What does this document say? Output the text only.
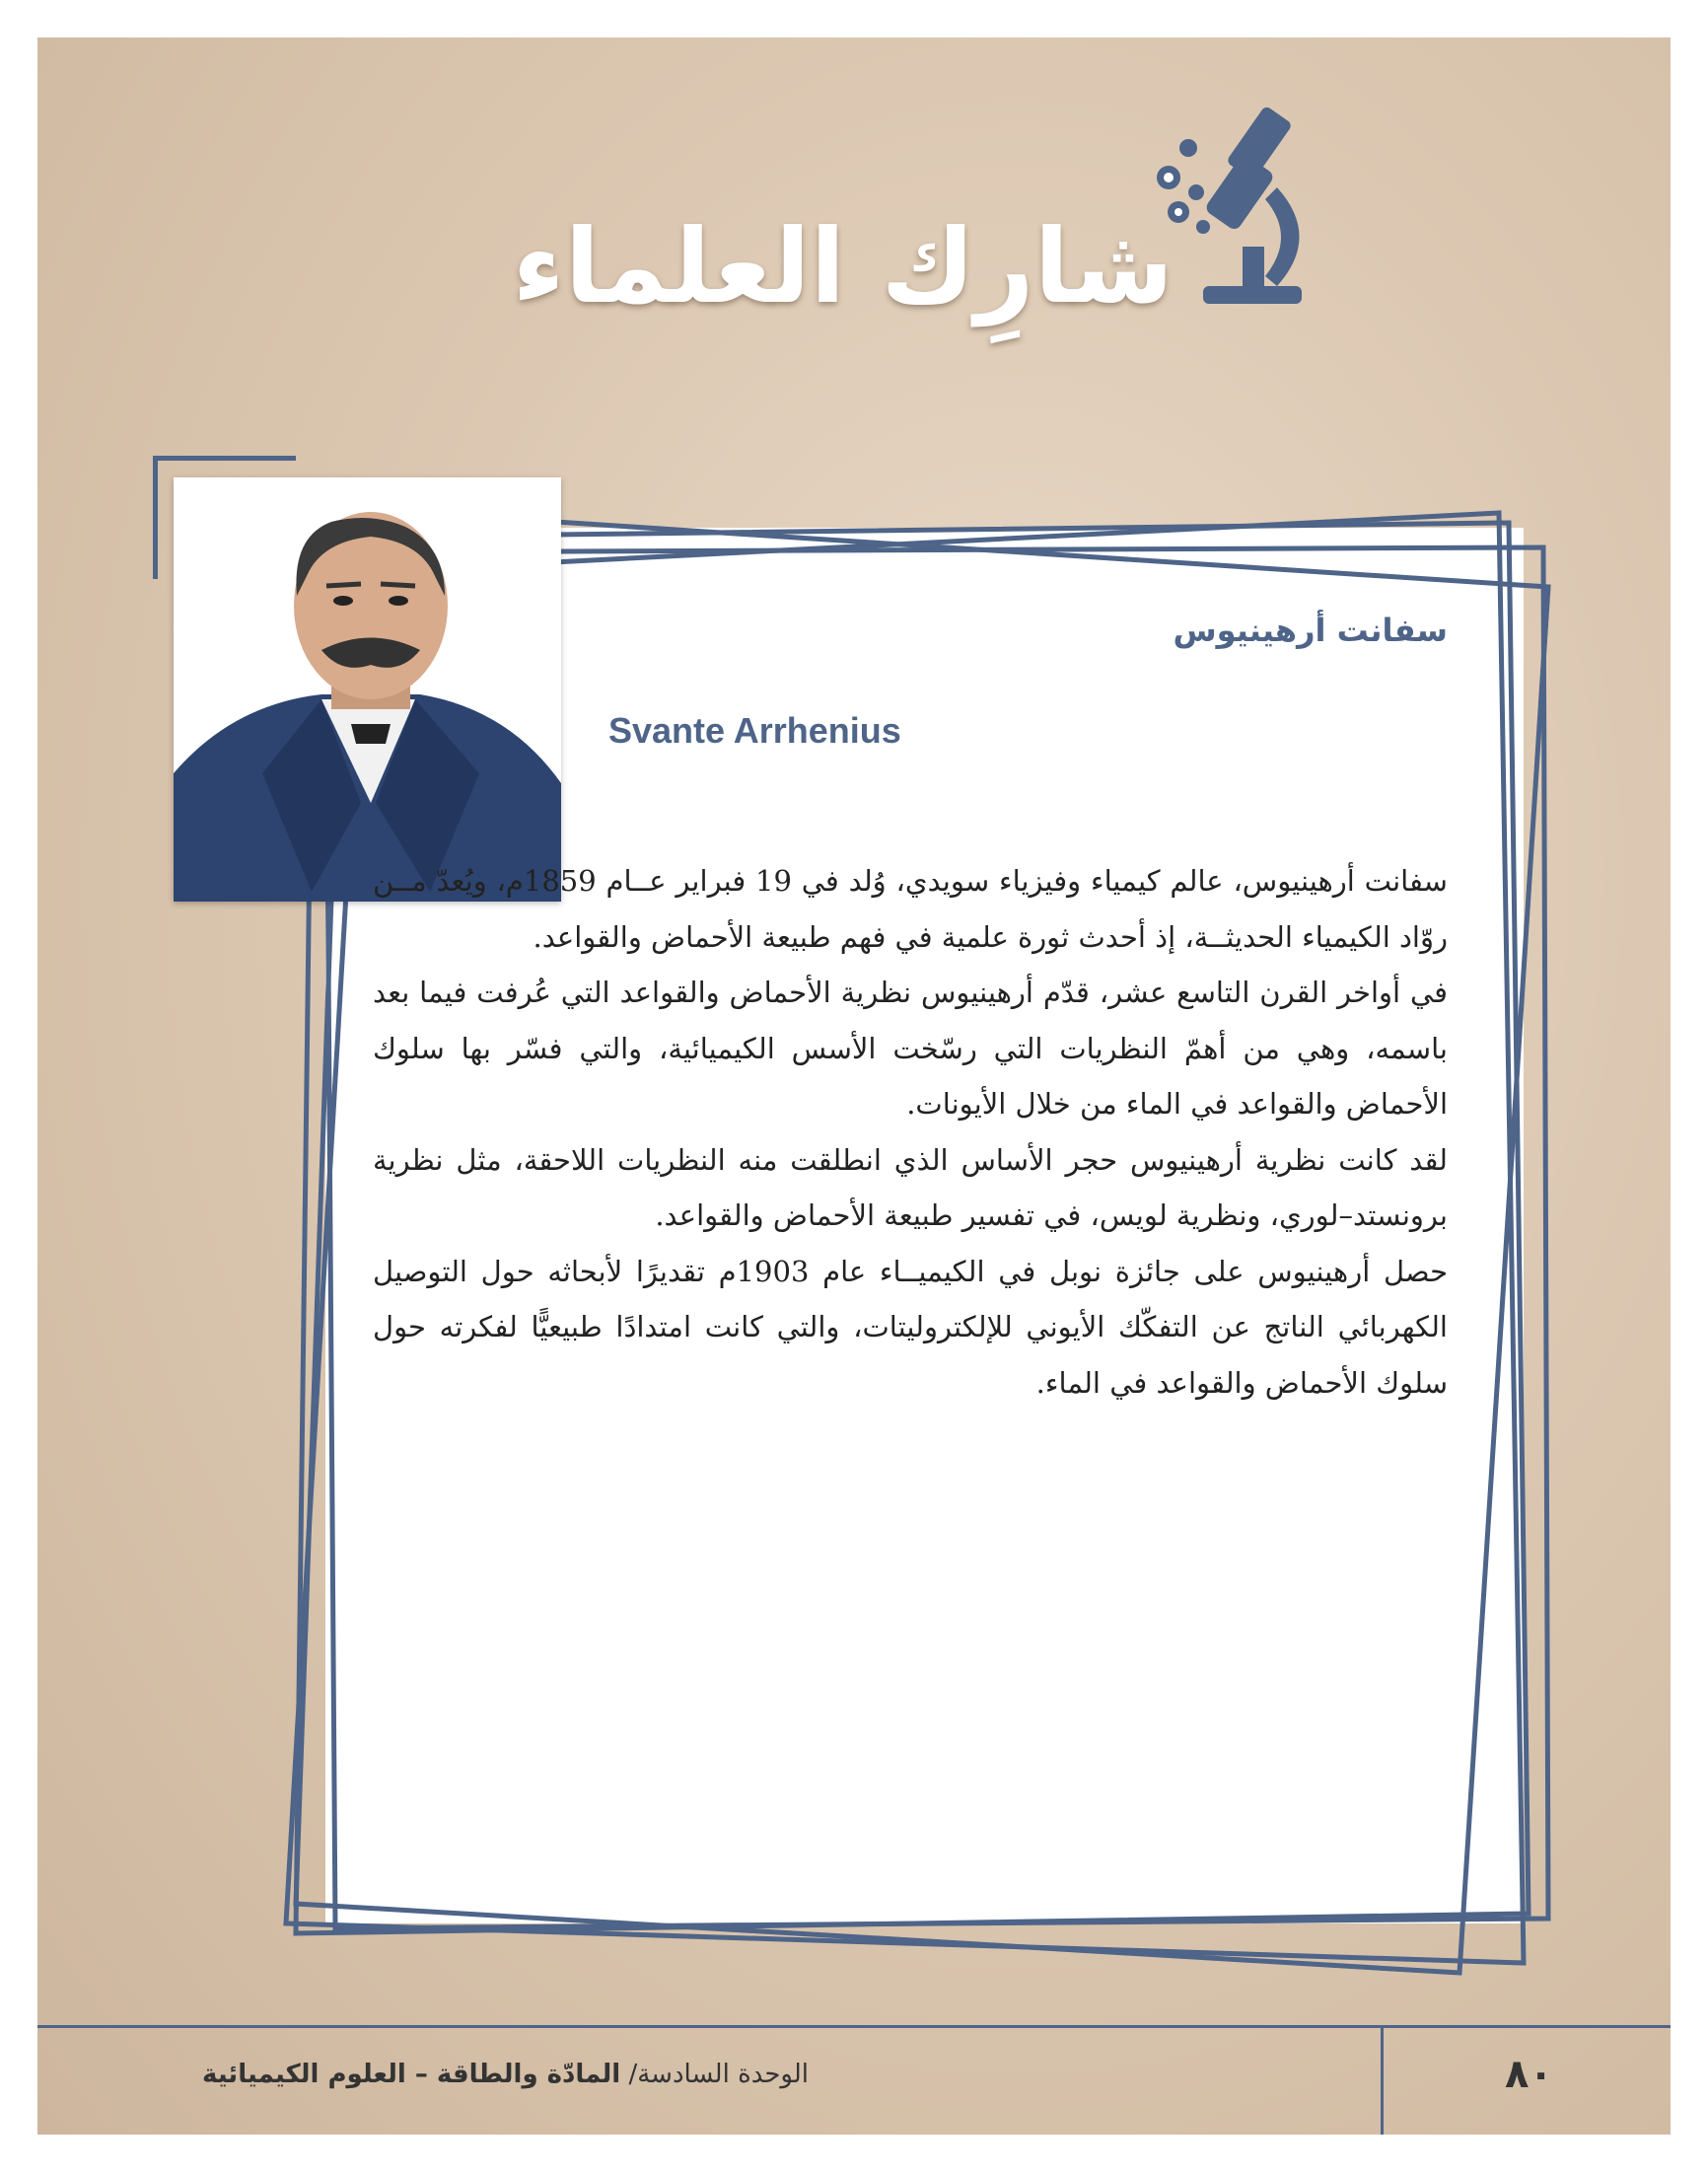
شارِك العلماء
سفانت أرهينيوس
Svante Arrhenius

سفانت أرهينيوس، عالم كيمياء وفيزياء سويدي، وُلد في 19 فبراير عــام 1859م، ويُعدّ مــن روّاد الكيمياء الحديثــة، إذ أحدث ثورة علمية في فهم طبيعة الأحماض والقواعد.

في أواخر القرن التاسع عشر، قدّم أرهينيوس نظرية الأحماض والقواعد التي عُرفت فيما بعد باسمه، وهي من أهمّ النظريات التي رسّخت الأسس الكيميائية، والتي فسّر بها سلوك الأحماض والقواعد في الماء من خلال الأيونات.

لقد كانت نظرية أرهينيوس حجر الأساس الذي انطلقت منه النظريات اللاحقة، مثل نظرية برونستد–لوري، ونظرية لويس، في تفسير طبيعة الأحماض والقواعد.

حصل أرهينيوس على جائزة نوبل في الكيميــاء عام 1903م تقديرًا لأبحاثه حول التوصيل الكهربائي الناتج عن التفكّك الأيوني للإلكتروليتات، والتي كانت امتدادًا طبيعيًّا لفكرته حول سلوك الأحماض والقواعد في الماء.

الوحدة السادسة/ المادّة والطاقة – العلوم الكيميائية	٨٠
